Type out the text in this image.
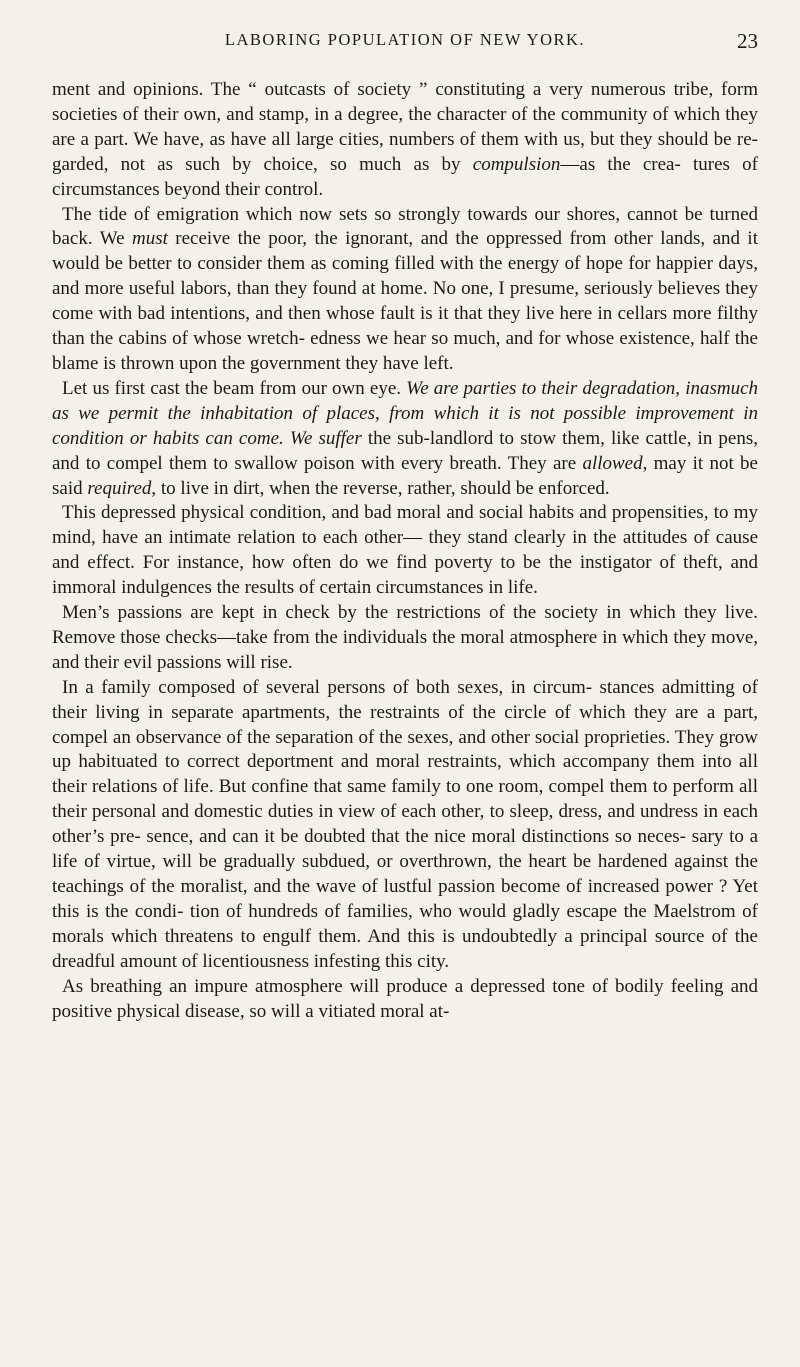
LABORING POPULATION OF NEW YORK.	23

ment and opinions. The “ outcasts of society ” constituting a very numerous tribe, form societies of their own, and stamp, in a degree, the character of the community of which they are a part. We have, as have all large cities, numbers of them with us, but they should be re- garded, not as such by choice, so much as by compulsion—as the crea- tures of circumstances beyond their control.

The tide of emigration which now sets so strongly towards our shores, cannot be turned back. We must receive the poor, the ignorant, and the oppressed from other lands, and it would be better to consider them as coming filled with the energy of hope for happier days, and more useful labors, than they found at home. No one, I presume, seriously believes they come with bad intentions, and then whose fault is it that they live here in cellars more filthy than the cabins of whose wretch- edness we hear so much, and for whose existence, half the blame is thrown upon the government they have left.

Let us first cast the beam from our own eye. We are parties to their degradation, inasmuch as we permit the inhabitation of places, from which it is not possible improvement in condition or habits can come. We suffer the sub-landlord to stow them, like cattle, in pens, and to compel them to swallow poison with every breath. They are allowed, may it not be said required, to live in dirt, when the reverse, rather, should be enforced.

This depressed physical condition, and bad moral and social habits and propensities, to my mind, have an intimate relation to each other— they stand clearly in the attitudes of cause and effect. For instance, how often do we find poverty to be the instigator of theft, and immoral indulgences the results of certain circumstances in life.

Men’s passions are kept in check by the restrictions of the society in which they live. Remove those checks—take from the individuals the moral atmosphere in which they move, and their evil passions will rise.

In a family composed of several persons of both sexes, in circum- stances admitting of their living in separate apartments, the restraints of the circle of which they are a part, compel an observance of the separation of the sexes, and other social proprieties. They grow up habituated to correct deportment and moral restraints, which accompany them into all their relations of life. But confine that same family to one room, compel them to perform all their personal and domestic duties in view of each other, to sleep, dress, and undress in each other’s pre- sence, and can it be doubted that the nice moral distinctions so neces- sary to a life of virtue, will be gradually subdued, or overthrown, the heart be hardened against the teachings of the moralist, and the wave of lustful passion become of increased power ? Yet this is the condi- tion of hundreds of families, who would gladly escape the Maelstrom of morals which threatens to engulf them. And this is undoubtedly a principal source of the dreadful amount of licentiousness infesting this city.

As breathing an impure atmosphere will produce a depressed tone of bodily feeling and positive physical disease, so will a vitiated moral at-
